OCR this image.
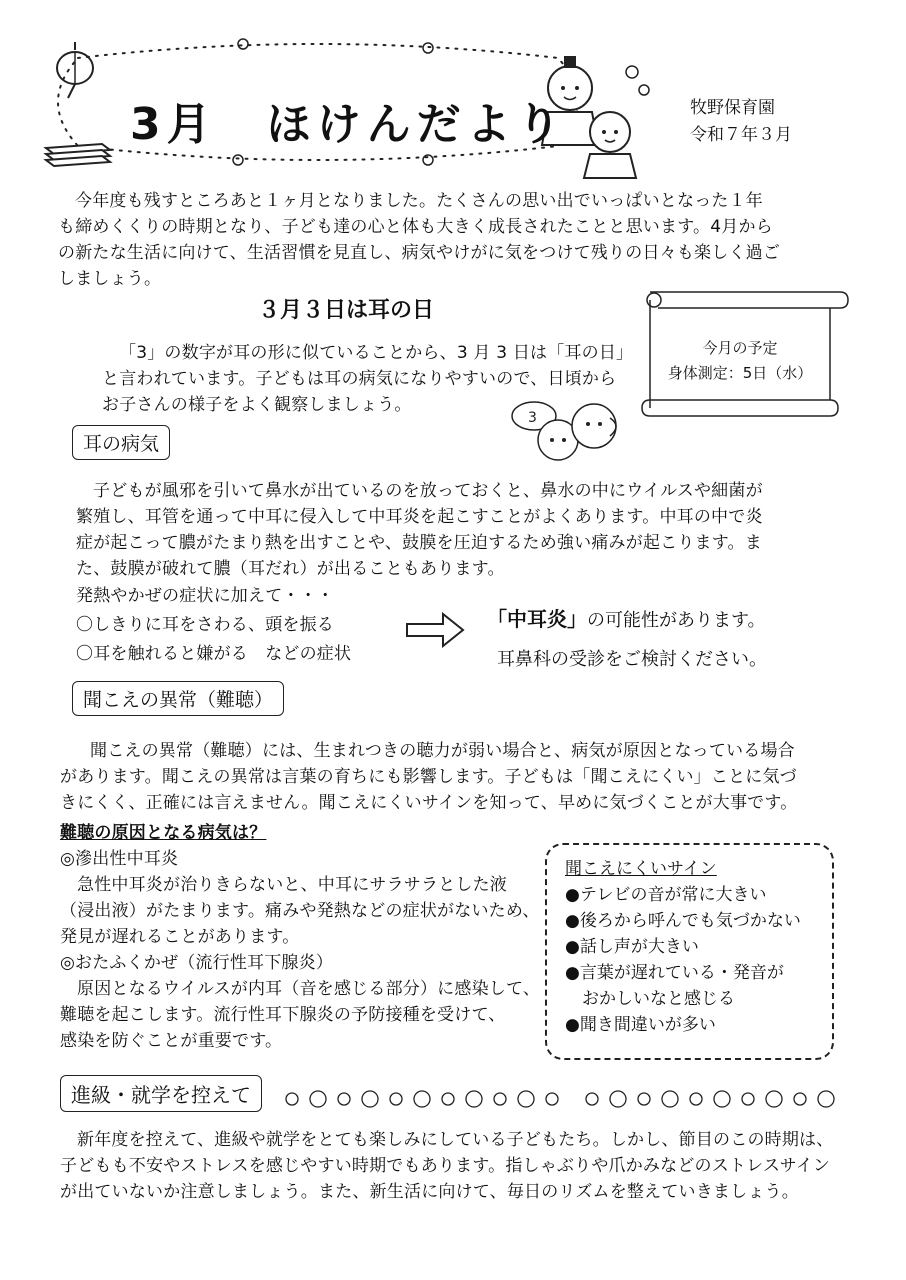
3月　ほけんだより	牧野保育園
令和７年３月
今年度も残すところあと１ヶ月となりました。たくさんの思い出でいっぱいとなった１年
も締めくくりの時期となり、子ども達の心と体も大きく成長されたことと思います。4月から
の新たな生活に向けて、生活習慣を見直し、病気やけがに気をつけて残りの日々も楽しく過ご
しましょう。
３月３日は耳の日
「3」の数字が耳の形に似ていることから、3 月 3 日は「耳の日」
と言われています。子どもは耳の病気になりやすいので、日頃から
お子さんの様子をよく観察しましょう。
今月の予定
身体測定：5日（水）
3
耳の病気
子どもが風邪を引いて鼻水が出ているのを放っておくと、鼻水の中にウイルスや細菌が
繁殖し、耳管を通って中耳に侵入して中耳炎を起こすことがよくあります。中耳の中で炎
症が起こって膿がたまり熱を出すことや、鼓膜を圧迫するため強い痛みが起こります。ま
た、鼓膜が破れて膿（耳だれ）が出ることもあります。
発熱やかぜの症状に加えて・・・
〇しきりに耳をさわる、頭を振る
〇耳を触れると嫌がる　などの症状
「中耳炎」の可能性があります。
耳鼻科の受診をご検討ください。
聞こえの異常（難聴）
聞こえの異常（難聴）には、生まれつきの聴力が弱い場合と、病気が原因となっている場合
があります。聞こえの異常は言葉の育ちにも影響します。子どもは「聞こえにくい」ことに気づ
きにくく、正確には言えません。聞こえにくいサインを知って、早めに気づくことが大事です。
難聴の原因となる病気は？
◎滲出性中耳炎
急性中耳炎が治りきらないと、中耳にサラサラとした液
（浸出液）がたまります。痛みや発熱などの症状がないため、
発見が遅れることがあります。
◎おたふくかぜ（流行性耳下腺炎）
原因となるウイルスが内耳（音を感じる部分）に感染して、
難聴を起こします。流行性耳下腺炎の予防接種を受けて、
感染を防ぐことが重要です。
聞こえにくいサイン
●テレビの音が常に大きい
●後ろから呼んでも気づかない
●話し声が大きい
●言葉が遅れている・発音が
　おかしいなと感じる
●聞き間違いが多い
進級・就学を控えて
新年度を控えて、進級や就学をとても楽しみにしている子どもたち。しかし、節目のこの時期は、
子どもも不安やストレスを感じやすい時期でもあります。指しゃぶりや爪かみなどのストレスサイン
が出ていないか注意しましょう。また、新生活に向けて、毎日のリズムを整えていきましょう。
